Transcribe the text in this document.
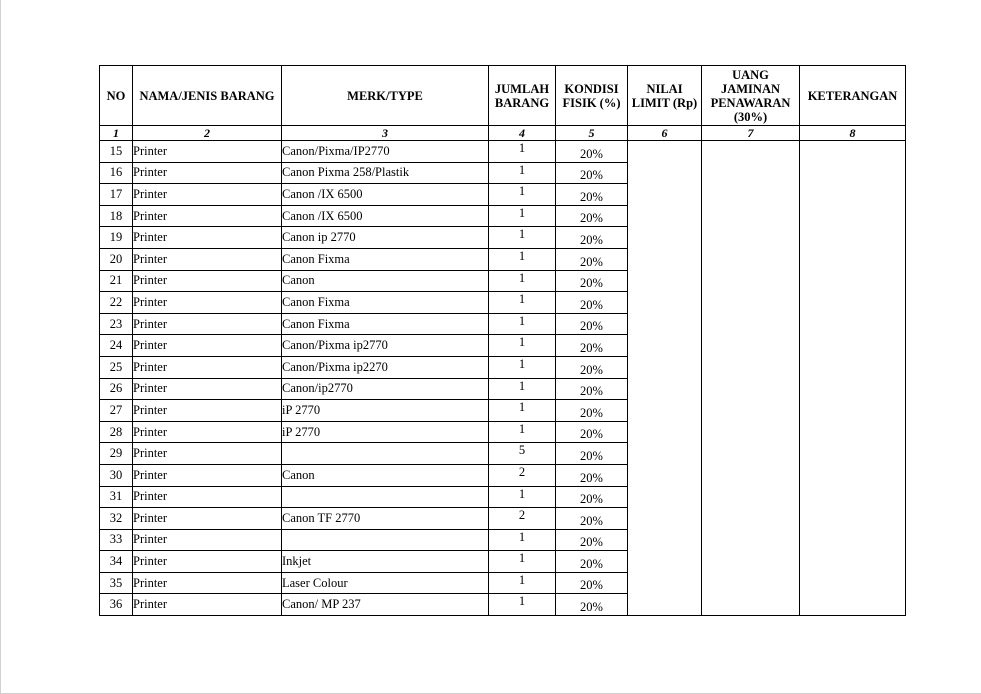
NO	NAMA/JENIS BARANG	MERK/TYPE	JUMLAH BARANG	KONDISI FISIK (%)	NILAI LIMIT (Rp)	UANG JAMINAN PENAWARAN (30%)	KETERANGAN
1	2	3	4	5	6	7	8
15	Printer	Canon/Pixma/IP2770	1	20%			
16	Printer	Canon Pixma 258/Plastik	1	20%			
17	Printer	Canon /IX 6500	1	20%			
18	Printer	Canon /IX 6500	1	20%			
19	Printer	Canon ip 2770	1	20%			
20	Printer	Canon Fixma	1	20%			
21	Printer	Canon	1	20%			
22	Printer	Canon Fixma	1	20%			
23	Printer	Canon Fixma	1	20%			
24	Printer	Canon/Pixma ip2770	1	20%			
25	Printer	Canon/Pixma ip2270	1	20%			
26	Printer	Canon/ip2770	1	20%			
27	Printer	iP 2770	1	20%			
28	Printer	iP 2770	1	20%			
29	Printer		5	20%			
30	Printer	Canon	2	20%			
31	Printer		1	20%			
32	Printer	Canon TF 2770	2	20%			
33	Printer		1	20%			
34	Printer	Inkjet	1	20%			
35	Printer	Laser Colour	1	20%			
36	Printer	Canon/ MP 237	1	20%			
